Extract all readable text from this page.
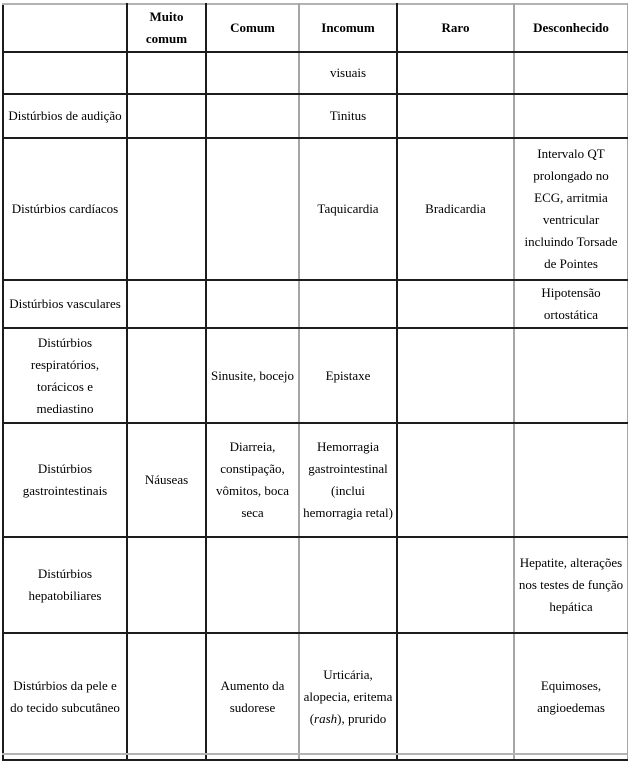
	Muito comum	Comum	Incomum	Raro	Desconhecido
			visuais		
Distúrbios de audição			Tinitus		
Distúrbios cardíacos			Taquicardia	Bradicardia	Intervalo QT prolongado no ECG, arritmia ventricular incluindo Torsade de Pointes
Distúrbios vasculares					Hipotensão ortostática
Distúrbios respiratórios, torácicos e mediastino		Sinusite, bocejo	Epistaxe		
Distúrbios gastrointestinais	Náuseas	Diarreia, constipação, vômitos, boca seca	Hemorragia gastrointestinal (inclui hemorragia retal)		
Distúrbios hepatobiliares					Hepatite, alterações nos testes de função hepática
Distúrbios da pele e do tecido subcutâneo		Aumento da sudorese	Urticária, alopecia, eritema (rash), prurido		Equimoses, angioedemas
